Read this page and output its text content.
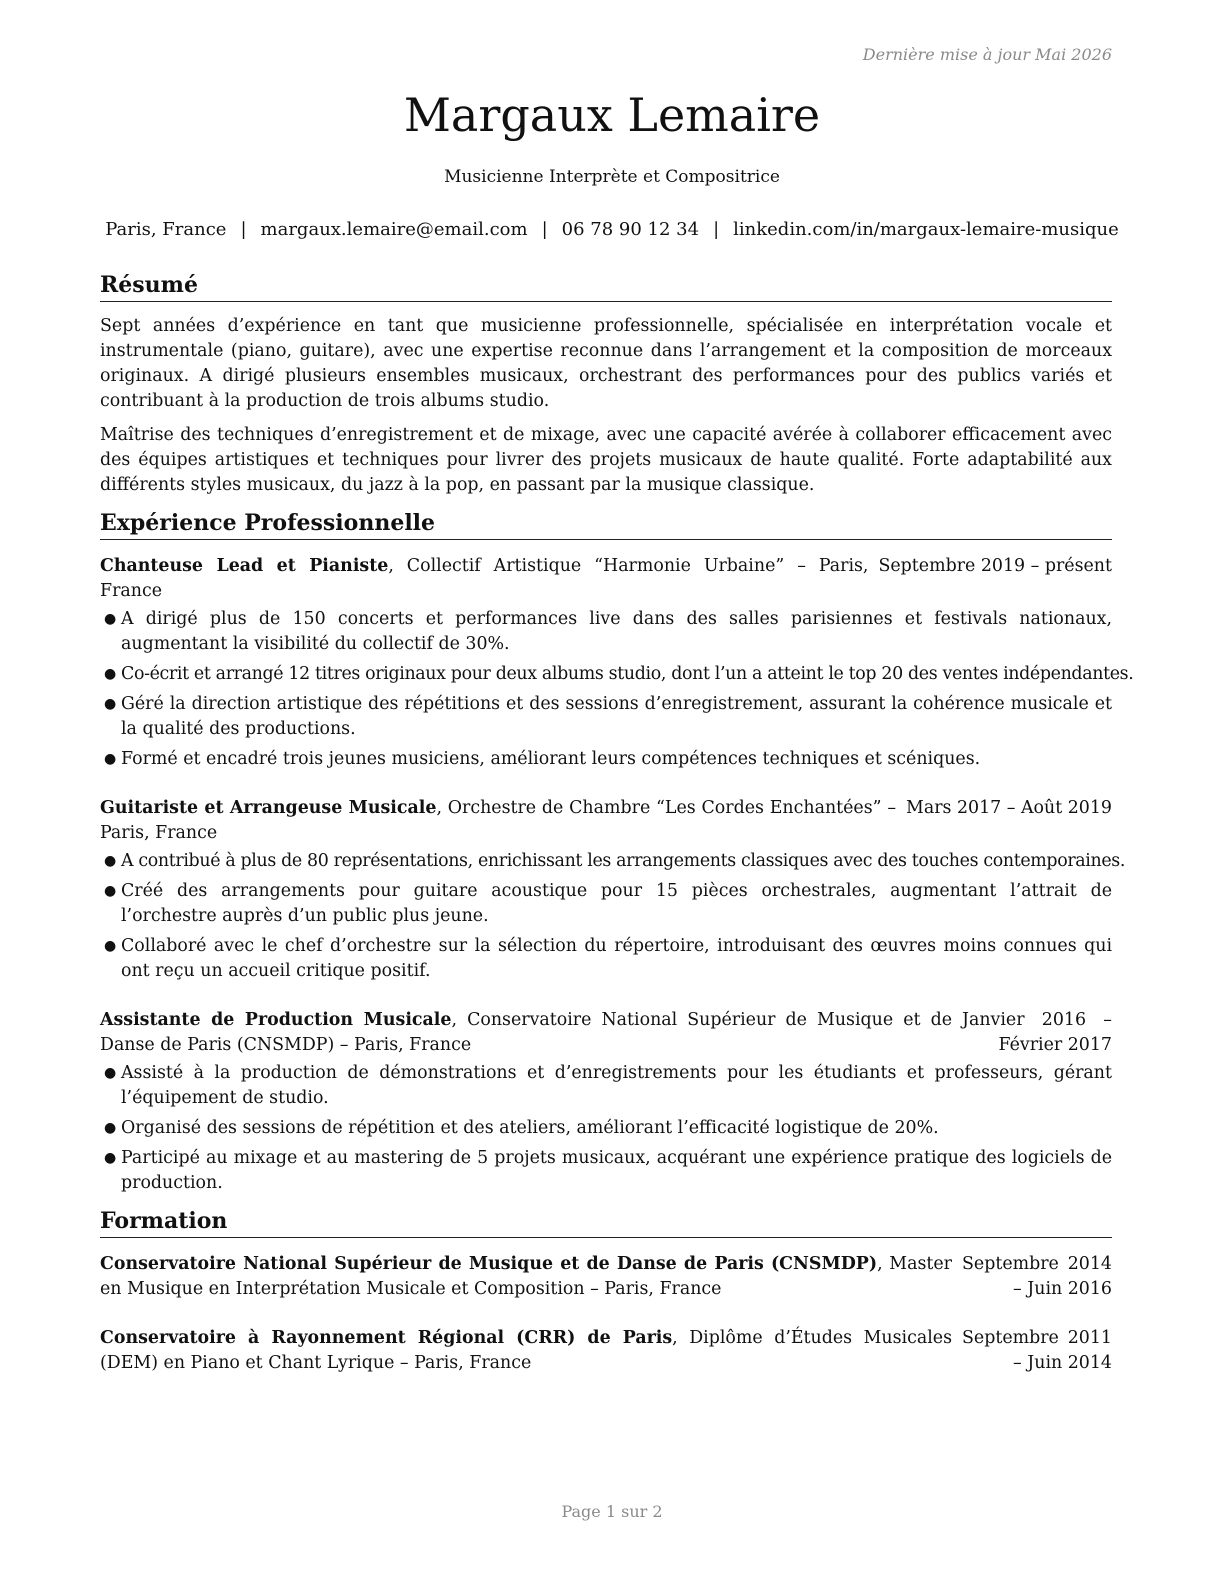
Dernière mise à jour Mai 2026
Margaux Lemaire
Musicienne Interprète et Compositrice
Paris, France | margaux.lemaire@email.com | 06 78 90 12 34 | linkedin.com/in/margaux-lemaire-musique
Résumé

Sept années d’expérience en tant que musicienne professionnelle, spécialisée en interprétation vocale et instrumentale (piano, guitare), avec une expertise reconnue dans l’arrangement et la composition de morceaux originaux. A dirigé plusieurs ensembles musicaux, orchestrant des performances pour des publics variés et contribuant à la production de trois albums studio.

Maîtrise des techniques d’enregistrement et de mixage, avec une capacité avérée à collaborer efficacement avec des équipes artistiques et techniques pour livrer des projets musicaux de haute qualité. Forte adaptabilité aux différents styles musicaux, du jazz à la pop, en passant par la musique classique.

Expérience Professionnelle
Chanteuse Lead et Pianiste, Collectif Artistique “Harmonie Urbaine” – Paris, France
Septembre 2019 – présent
● A dirigé plus de 150 concerts et performances live dans des salles parisiennes et festivals nationaux, augmentant la visibilité du collectif de 30%.
● Co-écrit et arrangé 12 titres originaux pour deux albums studio, dont l’un a atteint le top 20 des ventes indépendantes.
● Géré la direction artistique des répétitions et des sessions d’enregistrement, assurant la cohérence musicale et la qualité des productions.
● Formé et encadré trois jeunes musiciens, améliorant leurs compétences techniques et scéniques.
Guitariste et Arrangeuse Musicale, Orchestre de Chambre “Les Cordes Enchantées” – Paris, France
Mars 2017 – Août 2019
● A contribué à plus de 80 représentations, enrichissant les arrangements classiques avec des touches contemporaines.
● Créé des arrangements pour guitare acoustique pour 15 pièces orchestrales, augmentant l’attrait de l’orchestre auprès d’un public plus jeune.
● Collaboré avec le chef d’orchestre sur la sélection du répertoire, introduisant des œuvres moins connues qui ont reçu un accueil critique positif.
Assistante de Production Musicale, Conservatoire National Supérieur de Musique et de Danse de Paris (CNSMDP) – Paris, France
Janvier 2016 – Février 2017
● Assisté à la production de démonstrations et d’enregistrements pour les étudiants et professeurs, gérant l’équipement de studio.
● Organisé des sessions de répétition et des ateliers, améliorant l’efficacité logistique de 20%.
● Participé au mixage et au mastering de 5 projets musicaux, acquérant une expérience pratique des logiciels de production.
Formation
Conservatoire National Supérieur de Musique et de Danse de Paris (CNSMDP), Master en Musique en Interprétation Musicale et Composition – Paris, France
Septembre 2014 – Juin 2016
Conservatoire à Rayonnement Régional (CRR) de Paris, Diplôme d’Études Musicales (DEM) en Piano et Chant Lyrique – Paris, France
Septembre 2011 – Juin 2014
Page 1 sur 2
